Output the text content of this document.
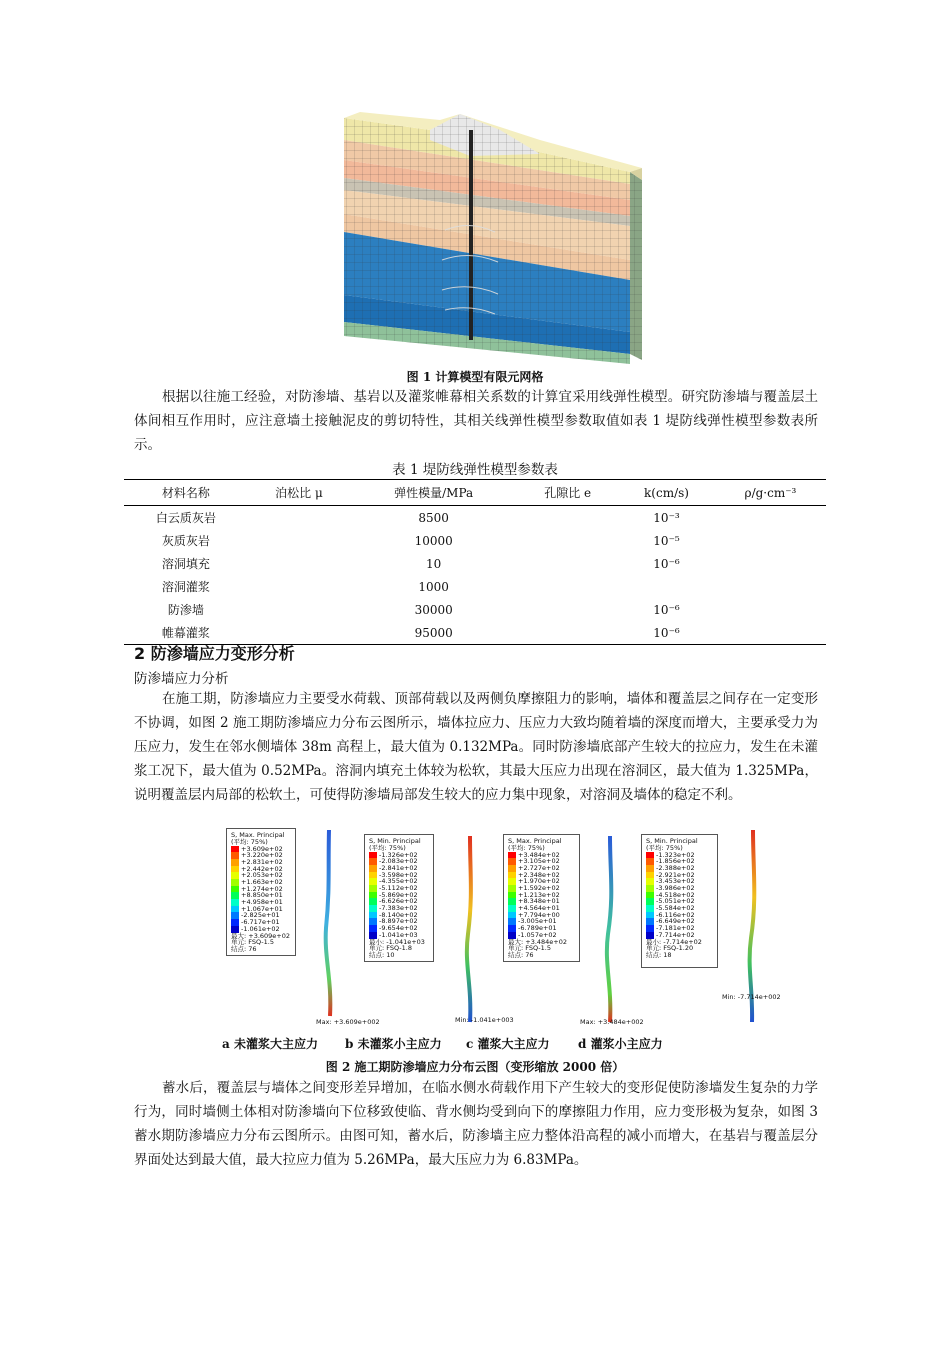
图 1 计算模型有限元网格

根据以往施工经验，对防渗墙、基岩以及灌浆帷幕相关系数的计算宜采用线弹性模型。研究防渗墙与覆盖层土体间相互作用时，应注意墙土接触泥皮的剪切特性，其相关线弹性模型参数取值如表 1 堤防线弹性模型参数表所示。

表 1 堤防线弹性模型参数表
材料名称	泊松比 μ	弹性模量/MPa	孔隙比 e	k(cm/s)	ρ/g·cm⁻³
白云质灰岩		8500		10⁻³	
灰质灰岩		10000		10⁻⁵	
溶洞填充		10		10⁻⁶	
溶洞灌浆		1000			
防渗墙		30000		10⁻⁶	
帷幕灌浆		95000		10⁻⁶	
2 防渗墙应力变形分析
防渗墙应力分析

在施工期，防渗墙应力主要受水荷载、顶部荷载以及两侧负摩擦阻力的影响，墙体和覆盖层之间存在一定变形不协调，如图 2 施工期防渗墙应力分布云图所示，墙体拉应力、压应力大致均随着墙的深度而增大，主要承受力为压应力，发生在邻水侧墙体 38m 高程上，最大值为 0.132MPa。同时防渗墙底部产生较大的拉应力，发生在未灌浆工况下，最大值为 0.52MPa。溶洞内填充土体较为松软，其最大压应力出现在溶洞区，最大值为 1.325MPa，说明覆盖层内局部的松软土，可使得防渗墙局部发生较大的应力集中现象，对溶洞及墙体的稳定不利。

S, Max. Principal
(平均: 75%)
+3.609e+02
+3.220e+02
+2.831e+02
+2.442e+02
+2.053e+02
+1.663e+02
+1.274e+02
+8.850e+01
+4.958e+01
+1.067e+01
-2.825e+01
-6.717e+01
-1.061e+02
最大: +3.609e+02
单元: FSQ-1.5
结点: 76
S, Min. Principal
(平均: 75%)
-1.326e+02
-2.083e+02
-2.841e+02
-3.598e+02
-4.355e+02
-5.112e+02
-5.869e+02
-6.626e+02
-7.383e+02
-8.140e+02
-8.897e+02
-9.654e+02
-1.041e+03
最小: -1.041e+03
单元: FSQ-1.8
结点: 10
S, Max. Principal
(平均: 75%)
+3.484e+02
+3.105e+02
+2.727e+02
+2.348e+02
+1.970e+02
+1.592e+02
+1.213e+02
+8.348e+01
+4.564e+01
+7.794e+00
-3.005e+01
-6.789e+01
-1.057e+02
最大: +3.484e+02
单元: FSQ-1.5
结点: 76
S, Min. Principal
(平均: 75%)
-1.323e+02
-1.856e+02
-2.388e+02
-2.921e+02
-3.453e+02
-3.986e+02
-4.518e+02
-5.051e+02
-5.584e+02
-6.116e+02
-6.649e+02
-7.181e+02
-7.714e+02
最小: -7.714e+02
单元: FSQ-1.20
结点: 18
Max: +3.609e+002	Min: -1.041e+003	Max: +3.484e+002
Min: -7.714e+002
a 未灌浆大主应力 b 未灌浆小主应力 c 灌浆大主应力 d 灌浆小主应力
图 2 施工期防渗墙应力分布云图（变形缩放 2000 倍）

蓄水后，覆盖层与墙体之间变形差异增加，在临水侧水荷载作用下产生较大的变形促使防渗墙发生复杂的力学行为，同时墙侧土体相对防渗墙向下位移致使临、背水侧均受到向下的摩擦阻力作用，应力变形极为复杂，如图 3 蓄水期防渗墙应力分布云图所示。由图可知，蓄水后，防渗墙主应力整体沿高程的减小而增大，在基岩与覆盖层分界面处达到最大值，最大拉应力值为 5.26MPa，最大压应力为 6.83MPa。
